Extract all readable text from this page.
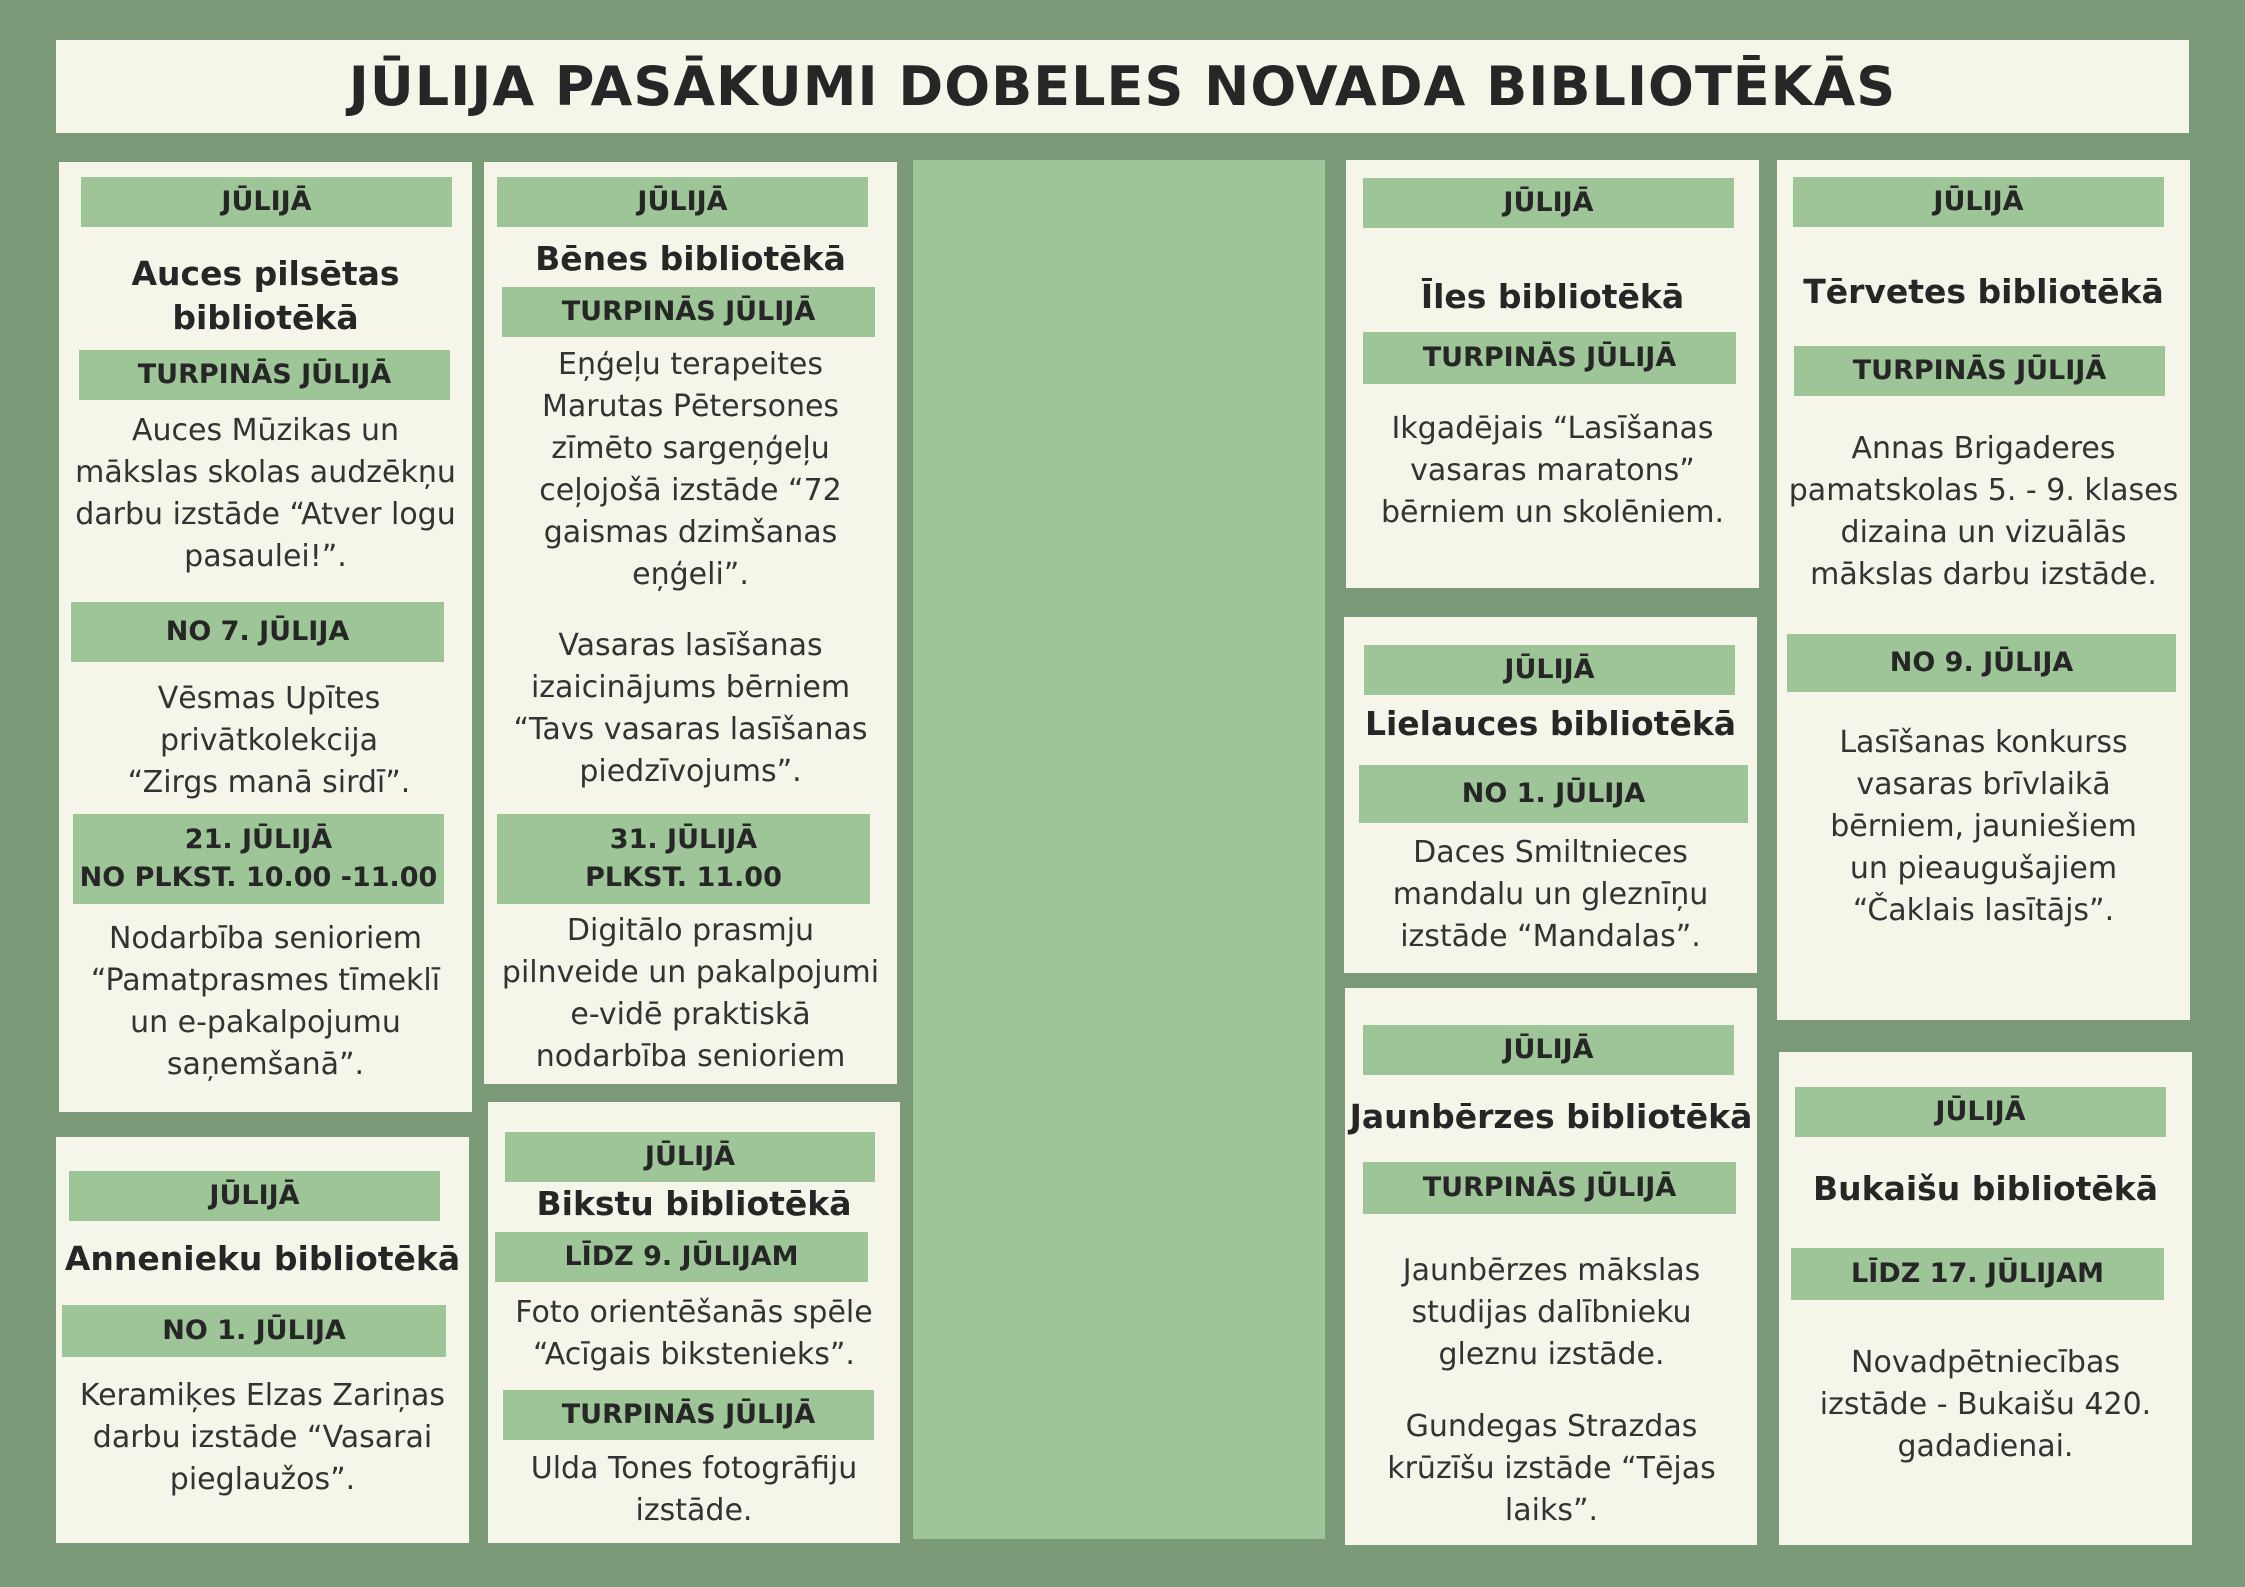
JŪLIJA PASĀKUMI DOBELES NOVADA BIBLIOTĒKĀS
JŪLIJĀ
Auces pilsētas bibliotēkā
TURPINĀS JŪLIJĀ
Auces Mūzikas un mākslas skolas audzēkņu darbu izstāde “Atver logu pasaulei!”.
NO 7. JŪLIJA
Vēsmas Upītes privātkolekcija “Zirgs manā sirdī”.
21. JŪLIJĀ
NO PLKST. 10.00 -11.00
Nodarbība senioriem “Pamatprasmes tīmeklī un e-pakalpojumu saņemšanā”.
JŪLIJĀ
Bēnes bibliotēkā
TURPINĀS JŪLIJĀ
Eņģeļu terapeites Marutas Pētersones zīmēto sargeņģeļu ceļojošā izstāde “72 gaismas dzimšanas eņģeli”.
Vasaras lasīšanas izaicinājums bērniem “Tavs vasaras lasīšanas piedzīvojums”.
31. JŪLIJĀ
PLKST. 11.00
Digitālo prasmju pilnveide un pakalpojumi e-vidē praktiskā nodarbība senioriem
JŪLIJĀ
Annenieku bibliotēkā
NO 1. JŪLIJA
Keramiķes Elzas Zariņas darbu izstāde “Vasarai pieglaužos”.
JŪLIJĀ
Bikstu bibliotēkā
LĪDZ 9. JŪLIJAM
Foto orientēšanās spēle “Acīgais bikstenieks”.
TURPINĀS JŪLIJĀ
Ulda Tones fotogrāfiju izstāde.
JŪLIJĀ
Īles bibliotēkā
TURPINĀS JŪLIJĀ
Ikgadējais “Lasīšanas vasaras maratons” bērniem un skolēniem.
JŪLIJĀ
Lielauces bibliotēkā
NO 1. JŪLIJA
Daces Smiltnieces mandalu un gleznīņu izstāde “Mandalas”.
JŪLIJĀ
Jaunbērzes bibliotēkā
TURPINĀS JŪLIJĀ
Jaunbērzes mākslas studijas dalībnieku gleznu izstāde.
Gundegas Strazdas krūzīšu izstāde “Tējas laiks”.
JŪLIJĀ
Tērvetes bibliotēkā
TURPINĀS JŪLIJĀ
Annas Brigaderes pamatskolas 5. - 9. klases dizaina un vizuālās mākslas darbu izstāde.
NO 9. JŪLIJA
Lasīšanas konkurss vasaras brīvlaikā bērniem, jauniešiem un pieaugušajiem “Čaklais lasītājs”.
JŪLIJĀ
Bukaišu bibliotēkā
LĪDZ 17. JŪLIJAM
Novadpētniecības izstāde - Bukaišu 420. gadadienai.
